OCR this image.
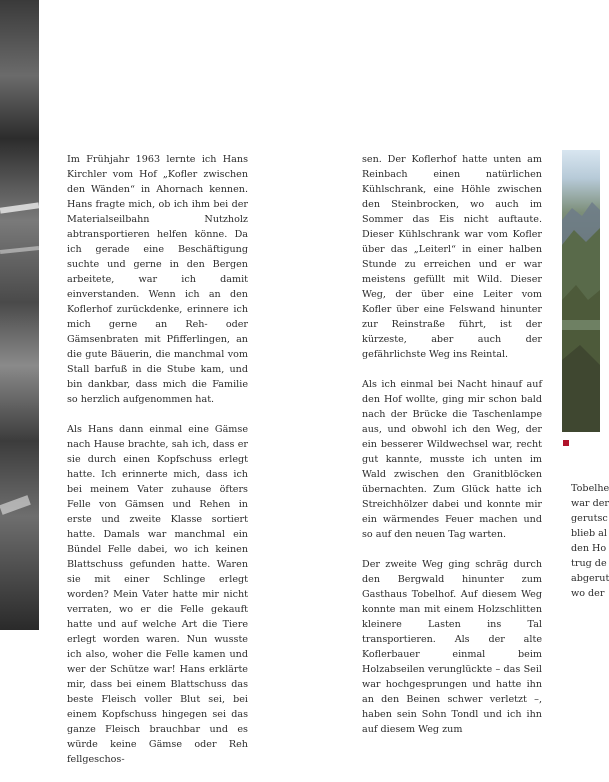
Im Frühjahr 1963 lernte ich Hans Kirchler vom Hof „Kofler zwischen den Wänden“ in Ahornach kennen. Hans fragte mich, ob ich ihm bei der Materialseilbahn Nutzholz abtransportieren helfen könne. Da ich gerade eine Beschäftigung suchte und gerne in den Bergen arbeitete, war ich damit einverstanden. Wenn ich an den Koflerhof zurückdenke, erinnere ich mich gerne an Reh- oder Gämsenbraten mit Pfifferlingen, an die gute Bäuerin, die manchmal vom Stall barfuß in die Stube kam, und bin dankbar, dass mich die Familie so herzlich aufgenommen hat.

Als Hans dann einmal eine Gämse nach Hause brachte, sah ich, dass er sie durch einen Kopfschuss erlegt hatte. Ich erinnerte mich, dass ich bei meinem Vater zuhause öfters Felle von Gämsen und Rehen in erste und zweite Klasse sortiert hatte. Damals war manchmal ein Bündel Felle dabei, wo ich keinen Blattschuss gefunden hatte. Waren sie mit einer Schlinge erlegt worden? Mein Vater hatte mir nicht verraten, wo er die Felle gekauft hatte und auf welche Art die Tiere erlegt worden waren. Nun wusste ich also, woher die Felle kamen und wer der Schütze war! Hans erklärte mir, dass bei einem Blattschuss das beste Fleisch voller Blut sei, bei einem Kopfschuss hingegen sei das ganze Fleisch brauchbar und es würde keine Gämse oder Reh fellgeschos-

sen. Der Koflerhof hatte unten am Reinbach einen natürlichen Kühlschrank, eine Höhle zwischen den Steinbrocken, wo auch im Sommer das Eis nicht auftaute. Dieser Kühlschrank war vom Kofler über das „Leiterl“ in einer halben Stunde zu erreichen und er war meistens gefüllt mit Wild. Dieser Weg, der über eine Leiter vom Kofler über eine Felswand hinunter zur Reinstraße führt, ist der kürzeste, aber auch der gefährlichste Weg ins Reintal.

Als ich einmal bei Nacht hinauf auf den Hof wollte, ging mir schon bald nach der Brücke die Taschenlampe aus, und obwohl ich den Weg, der ein besserer Wildwechsel war, recht gut kannte, musste ich unten im Wald zwischen den Granitblöcken übernachten. Zum Glück hatte ich Streichhölzer dabei und konnte mir ein wärmendes Feuer machen und so auf den neuen Tag warten.

Der zweite Weg ging schräg durch den Bergwald hinunter zum Gasthaus Tobelhof. Auf diesem Weg konnte man mit einem Holzschlitten kleinere Lasten ins Tal transportieren. Als der alte Koflerbauer einmal beim Holzabseilen verunglückte – das Seil war hochgesprungen und hatte ihn an den Beinen schwer verletzt –, haben sein Sohn Tondl und ich ihn auf diesem Weg zum

Tobelhe
war der
gerutsc
blieb al
den Ho
trug de
abgerut
wo der
